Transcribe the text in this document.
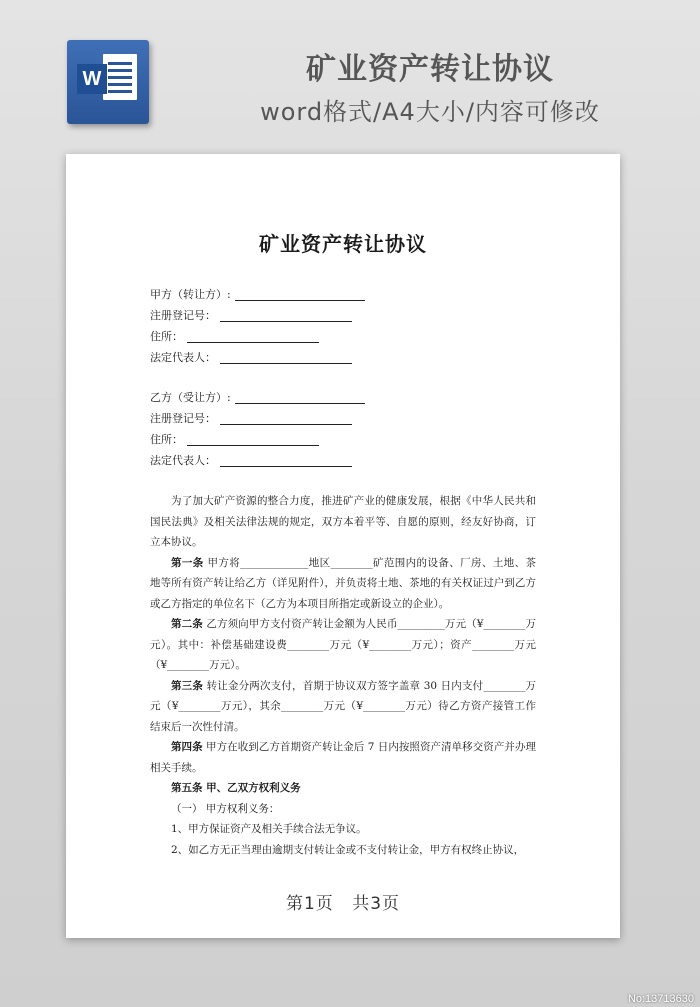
W	矿业资产转让协议
word格式/A4大小/内容可修改
矿业资产转让协议
甲方（转让方）:
注册登记号：
住所：
法定代表人：
乙方（受让方）:
注册登记号：
住所：
法定代表人：

为了加大矿产资源的整合力度，推进矿产业的健康发展，根据《中华人民共和国民法典》及相关法律法规的规定，双方本着平等、自愿的原则，经友好协商，订立本协议。

第一条 甲方将_____________地区________矿范围内的设备、厂房、土地、茶地等所有资产转让给乙方（详见附件），并负责将土地、茶地的有关权证过户到乙方或乙方指定的单位名下（乙方为本项目所指定或新设立的企业）。

第二条 乙方须向甲方支付资产转让金额为人民币_________万元（¥________万元）。其中：补偿基础建设费________万元（¥________万元）；资产________万元（¥________万元）。

第三条 转让金分两次支付，首期于协议双方签字盖章 30 日内支付________万元（¥________万元），其余________万元（¥________万元）待乙方资产接管工作结束后一次性付清。

第四条 甲方在收到乙方首期资产转让金后 7 日内按照资产清单移交资产并办理相关手续。

第五条 甲、乙双方权利义务

（一） 甲方权利义务：

1、甲方保证资产及相关手续合法无争议。

2、如乙方无正当理由逾期支付转让金或不支付转让金，甲方有权终止协议，

第1页 共3页
No:13713630
